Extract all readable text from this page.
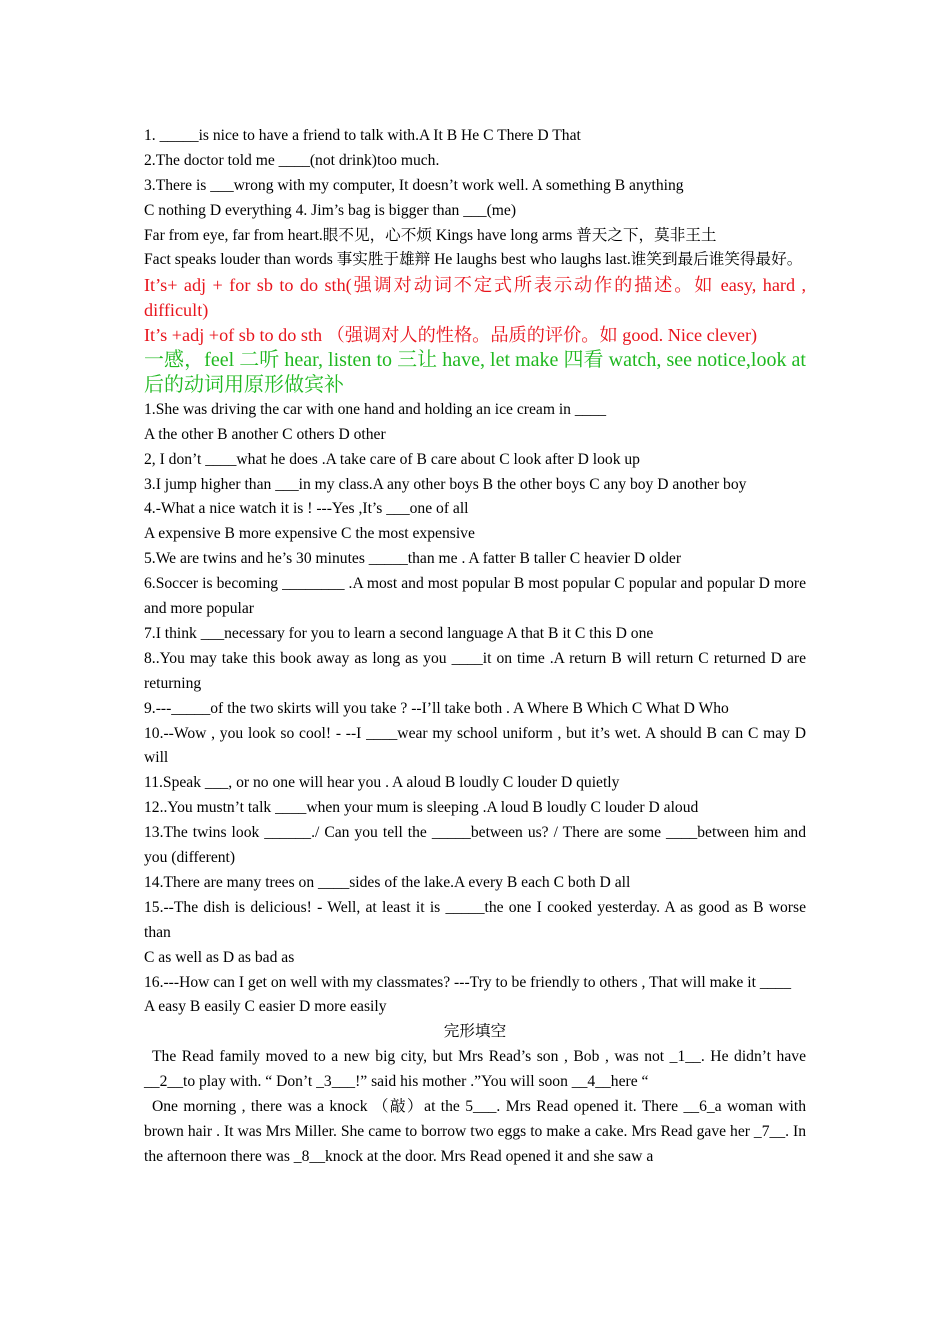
1. _____is nice to have a friend to talk with.A It B He C There D That
2.The doctor told me ____(not drink)too much.
3.There is ___wrong with my computer, It doesn’t work well. A something B anything
C nothing D everything 4. Jim’s bag is bigger than ___(me)
Far from eye, far from heart.眼不见，心不烦 Kings have long arms 普天之下，莫非王土
Fact speaks louder than words 事实胜于雄辩 He laughs best who laughs last.谁笑到最后谁笑得最好。
It’s+ adj + for sb to do sth(强调对动词不定式所表示动作的描述。如 easy, hard , difficult)
It’s +adj +of sb to do sth （强调对人的性格。品质的评价。如 good. Nice clever)
一感，feel 二听 hear, listen to 三让 have, let make 四看 watch, see notice,look at 后的动词用原形做宾补
1.She was driving the car with one hand and holding an ice cream in ____
A the other B another C others D other
2, I don’t ____what he does .A take care of B care about C look after D look up
3.I jump higher than ___in my class.A any other boys B the other boys C any boy D another boy
4.-What a nice watch it is ! ---Yes ,It’s ___one of all
A expensive B more expensive C the most expensive
5.We are twins and he’s 30 minutes _____than me . A fatter B taller C heavier D older
6.Soccer is becoming ________ .A most and most popular B most popular C popular and popular D more and more popular
7.I think ___necessary for you to learn a second language A that B it C this D one
8..You may take this book away as long as you ____it on time .A return B will return C returned D are returning
9.---_____of the two skirts will you take ? --I’ll take both . A Where B Which C What D Who
10.--Wow , you look so cool! - --I ____wear my school uniform , but it’s wet. A should B can C may D will
11.Speak ___, or no one will hear you . A aloud B loudly C louder D quietly
12..You mustn’t talk ____when your mum is sleeping .A loud B loudly C louder D aloud
13.The twins look ______./ Can you tell the _____between us? / There are some ____between him and you (different)
14.There are many trees on ____sides of the lake.A every B each C both D all
15.--The dish is delicious! - Well, at least it is _____the one I cooked yesterday. A as good as B worse than
C as well as D as bad as
16.---How can I get on well with my classmates? ---Try to be friendly to others , That will make it ____
A easy B easily C easier D more easily
完形填空
The Read family moved to a new big city, but Mrs Read’s son , Bob , was not _1__. He didn’t have __2__to play with. “ Don’t _3___!” said his mother .”You will soon __4__here “
One morning , there was a knock （敲）at the 5___. Mrs Read opened it. There __6_a woman with brown hair . It was Mrs Miller. She came to borrow two eggs to make a cake. Mrs Read gave her _7__. In the afternoon there was _8__knock at the door. Mrs Read opened it and she saw a
